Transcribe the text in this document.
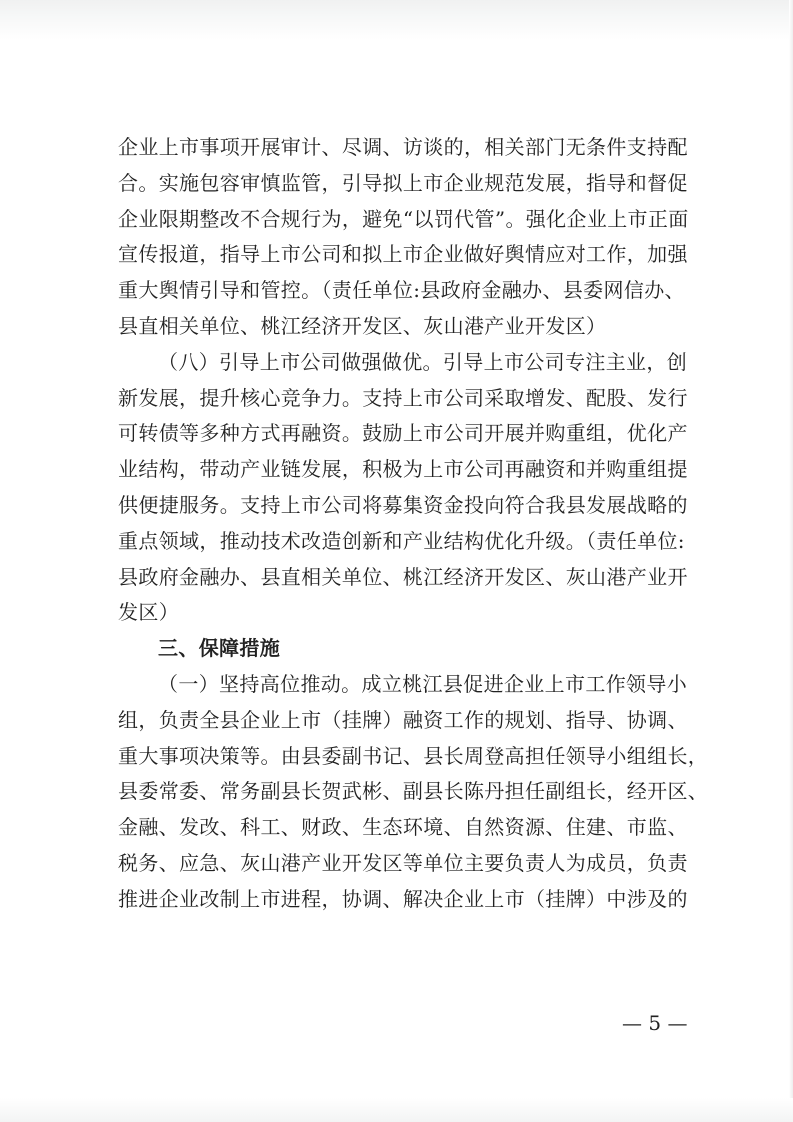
企业上市事项开展审计、尽调、访谈的，相关部门无条件支持配
合。实施包容审慎监管，引导拟上市企业规范发展，指导和督促
企业限期整改不合规行为，避免“以罚代管”。强化企业上市正面
宣传报道，指导上市公司和拟上市企业做好舆情应对工作，加强
重大舆情引导和管控。（责任单位:县政府金融办、县委网信办、
县直相关单位、桃江经济开发区、灰山港产业开发区）
（八）引导上市公司做强做优。引导上市公司专注主业，创
新发展，提升核心竞争力。支持上市公司采取增发、配股、发行
可转债等多种方式再融资。鼓励上市公司开展并购重组，优化产
业结构，带动产业链发展，积极为上市公司再融资和并购重组提
供便捷服务。支持上市公司将募集资金投向符合我县发展战略的
重点领域，推动技术改造创新和产业结构优化升级。（责任单位:
县政府金融办、县直相关单位、桃江经济开发区、灰山港产业开
发区）
三、保障措施
（一）坚持高位推动。成立桃江县促进企业上市工作领导小
组，负责全县企业上市（挂牌）融资工作的规划、指导、协调、
重大事项决策等。由县委副书记、县长周登高担任领导小组组长，
县委常委、常务副县长贺武彬、副县长陈丹担任副组长，经开区、
金融、发改、科工、财政、生态环境、自然资源、住建、市监、
税务、应急、灰山港产业开发区等单位主要负责人为成员，负责
推进企业改制上市进程，协调、解决企业上市（挂牌）中涉及的
— 5 —
